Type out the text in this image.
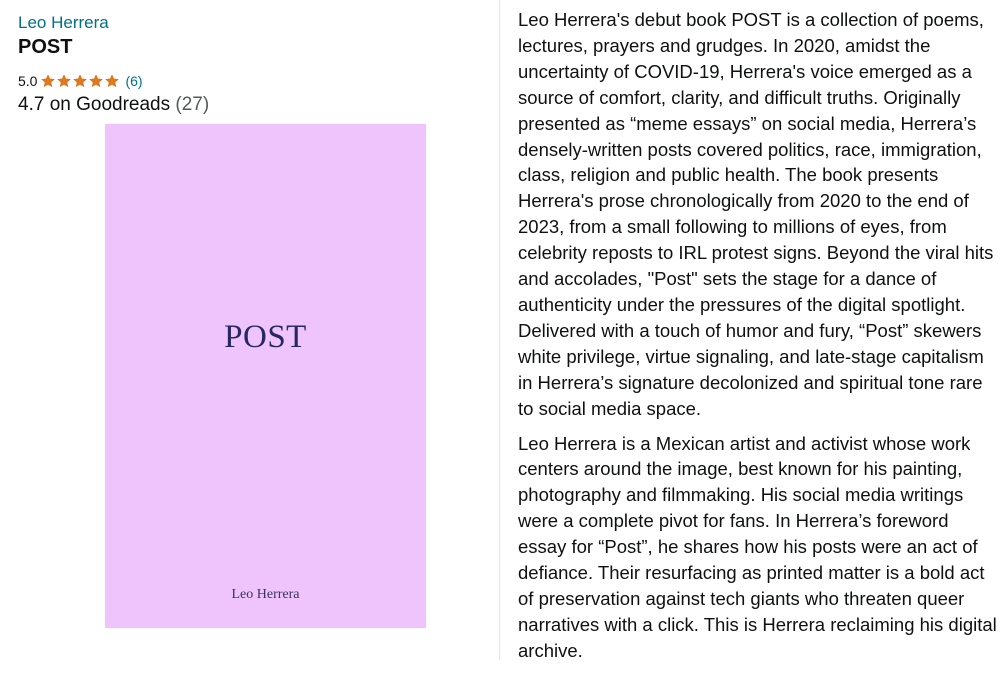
Leo Herrera
POST
5.0	(6)
4.7 on Goodreads (27)
POST
Leo Herrera

Leo Herrera's debut book POST is a collection of poems, lectures, prayers and grudges. In 2020, amidst the uncertainty of COVID-19, Herrera's voice emerged as a source of comfort, clarity, and difficult truths. Originally presented as “meme essays” on social media, Herrera’s densely-written posts covered politics, race, immigration, class, religion and public health. The book presents Herrera's prose chronologically from 2020 to the end of 2023, from a small following to millions of eyes, from celebrity reposts to IRL protest signs. Beyond the viral hits and accolades, "Post" sets the stage for a dance of authenticity under the pressures of the digital spotlight. Delivered with a touch of humor and fury, “Post” skewers white privilege, virtue signaling, and late-stage capitalism in Herrera’s signature decolonized and spiritual tone rare to social media space.

Leo Herrera is a Mexican artist and activist whose work centers around the image, best known for his painting, photography and filmmaking. His social media writings were a complete pivot for fans. In Herrera’s foreword essay for “Post”, he shares how his posts were an act of defiance. Their resurfacing as printed matter is a bold act of preservation against tech giants who threaten queer narratives with a click. This is Herrera reclaiming his digital archive.
